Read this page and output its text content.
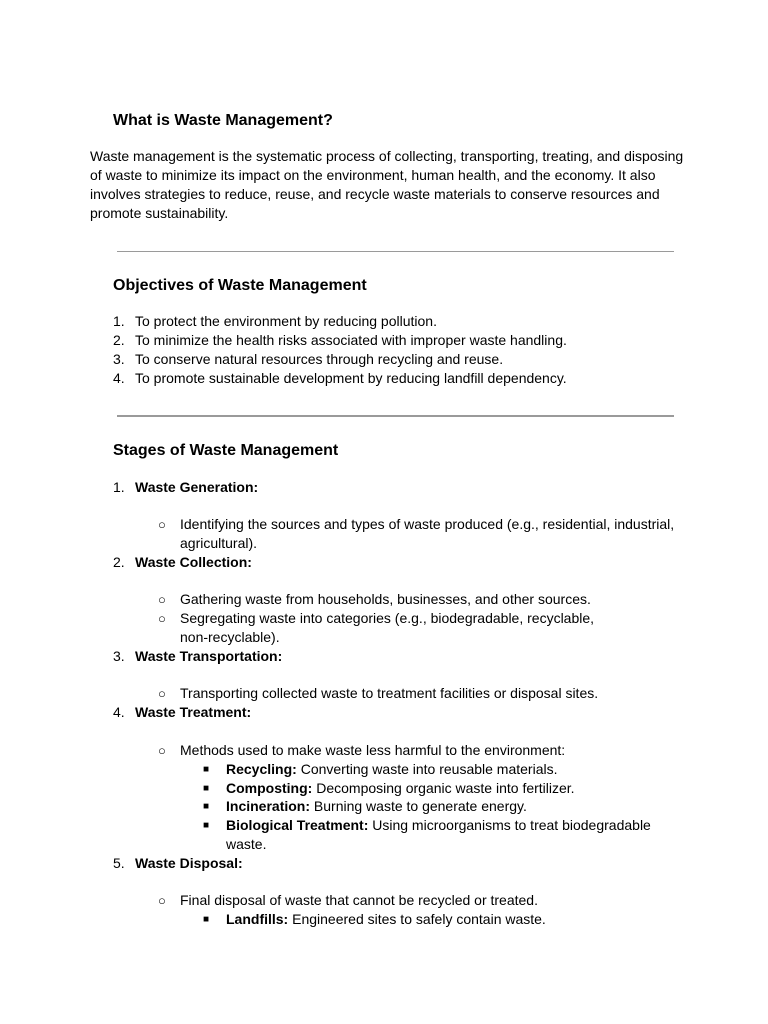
What is Waste Management?
Waste management is the systematic process of collecting, transporting, treating, and disposing
of waste to minimize its impact on the environment, human health, and the economy. It also
involves strategies to reduce, reuse, and recycle waste materials to conserve resources and
promote sustainability.
Objectives of Waste Management
1. To protect the environment by reducing pollution.
2. To minimize the health risks associated with improper waste handling.
3. To conserve natural resources through recycling and reuse.
4. To promote sustainable development by reducing landfill dependency.
Stages of Waste Management
1. Waste Generation:
○ Identifying the sources and types of waste produced (e.g., residential, industrial,
agricultural).
2. Waste Collection:
○ Gathering waste from households, businesses, and other sources.
○ Segregating waste into categories (e.g., biodegradable, recyclable,
non-recyclable).
3. Waste Transportation:
○ Transporting collected waste to treatment facilities or disposal sites.
4. Waste Treatment:
○ Methods used to make waste less harmful to the environment:
■ Recycling: Converting waste into reusable materials.
■ Composting: Decomposing organic waste into fertilizer.
■ Incineration: Burning waste to generate energy.
■ Biological Treatment: Using microorganisms to treat biodegradable
waste.
5. Waste Disposal:
○ Final disposal of waste that cannot be recycled or treated.
■ Landfills: Engineered sites to safely contain waste.
